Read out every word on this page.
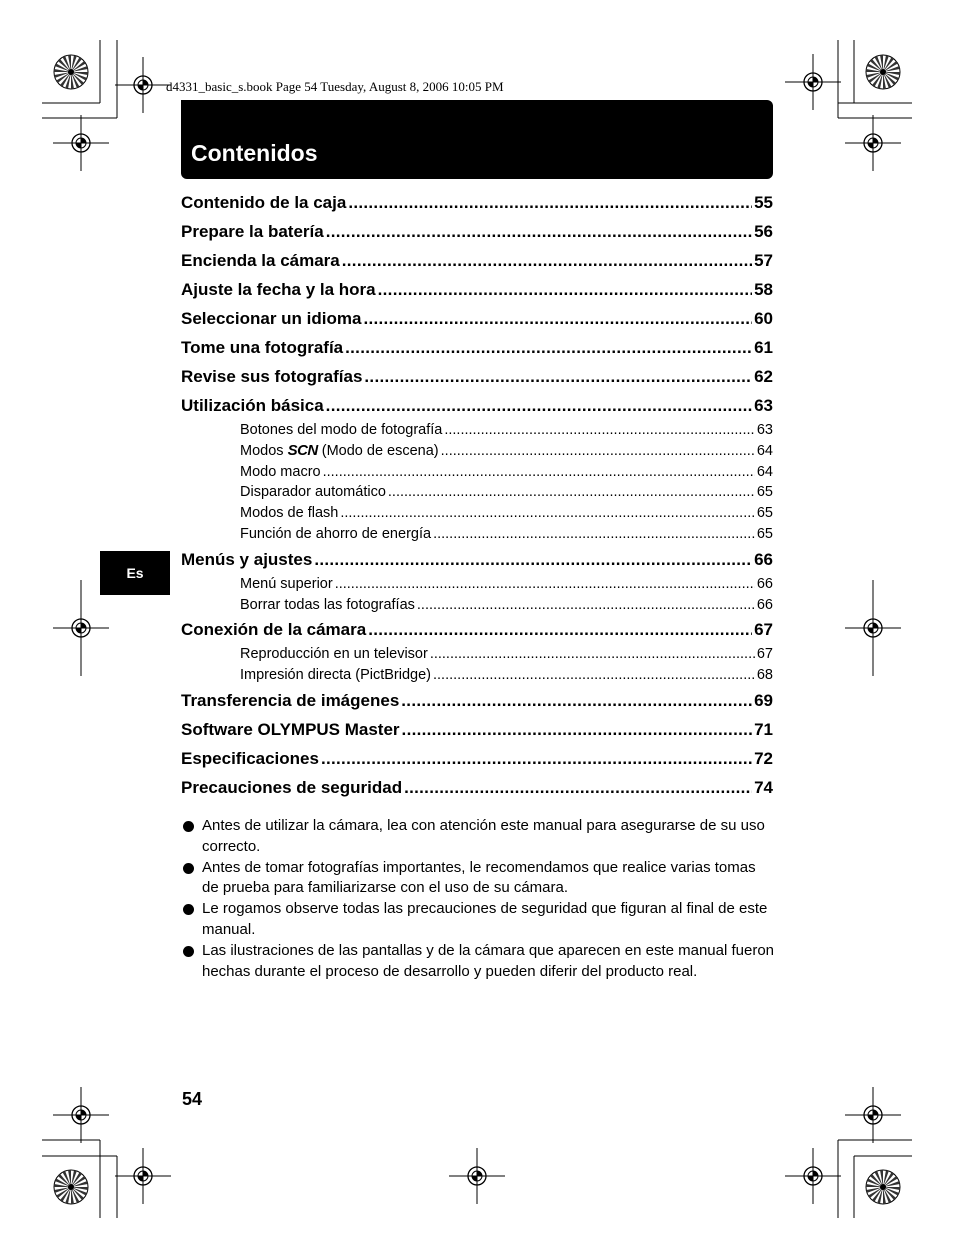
d4331_basic_s.book Page 54 Tuesday, August 8, 2006 10:05 PM
Contenidos
Contenido de la caja .....	55
Prepare la batería .....	56
Encienda la cámara .....	57
Ajuste la fecha y la hora .....	58
Seleccionar un idioma .....	60
Tome una fotografía .....	61
Revise sus fotografías .....	62
Utilización básica .....	63
Botones del modo de fotografía .....	63
Modos SCN (Modo de escena) .....	64
Modo macro .....	64
Disparador automático .....	65
Modos de flash .....	65
Función de ahorro de energía .....	65
Menús y ajustes .....	66
Menú superior .....	66
Borrar todas las fotografías .....	66
Conexión de la cámara .....	67
Reproducción en un televisor .....	67
Impresión directa (PictBridge) .....	68
Transferencia de imágenes .....	69
Software OLYMPUS Master .....	71
Especificaciones .....	72
Precauciones de seguridad .....	74
Es
Antes de utilizar la cámara, lea con atención este manual para asegurarse de su uso correcto.
Antes de tomar fotografías importantes, le recomendamos que realice varias tomas de prueba para familiarizarse con el uso de su cámara.
Le rogamos observe todas las precauciones de seguridad que figuran al final de este manual.
Las ilustraciones de las pantallas y de la cámara que aparecen en este manual fueron hechas durante el proceso de desarrollo y pueden diferir del producto real.
54
